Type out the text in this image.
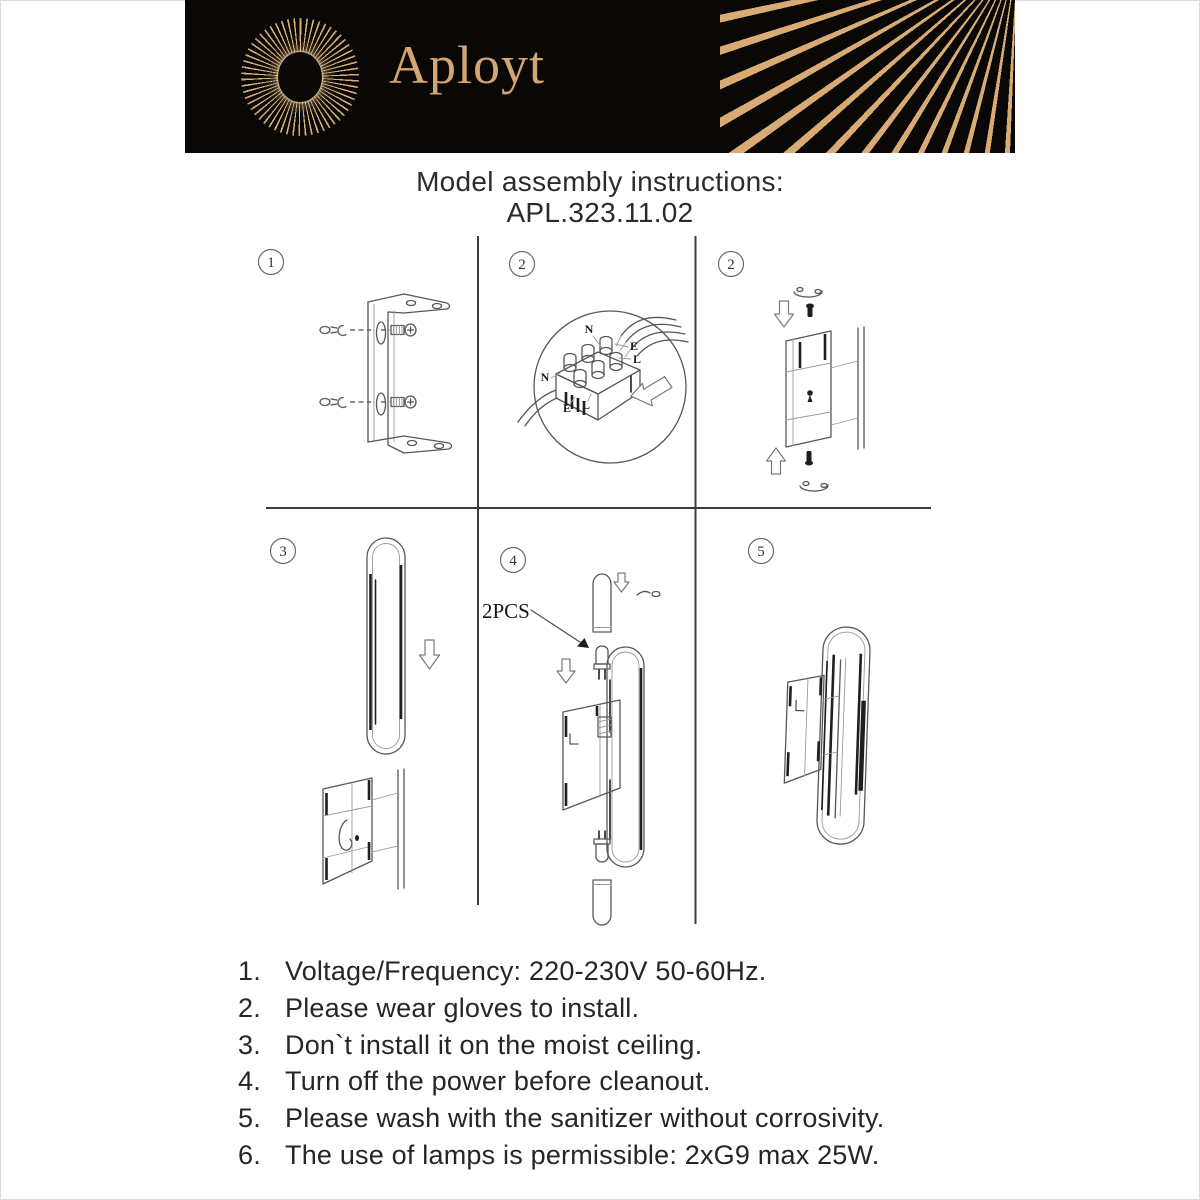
Aployt
Model assembly instructions:
APL.323.11.02
1	2	2
3
4
5
N
E
L
N
E L
2PCS
1. Voltage/Frequency: 220-230V 50-60Hz.
2. Please wear gloves to install.
3. Don`t install it on the moist ceiling.
4. Turn off the power before cleanout.
5. Please wash with the sanitizer without corrosivity.
6. The use of lamps is permissible: 2xG9 max 25W.
